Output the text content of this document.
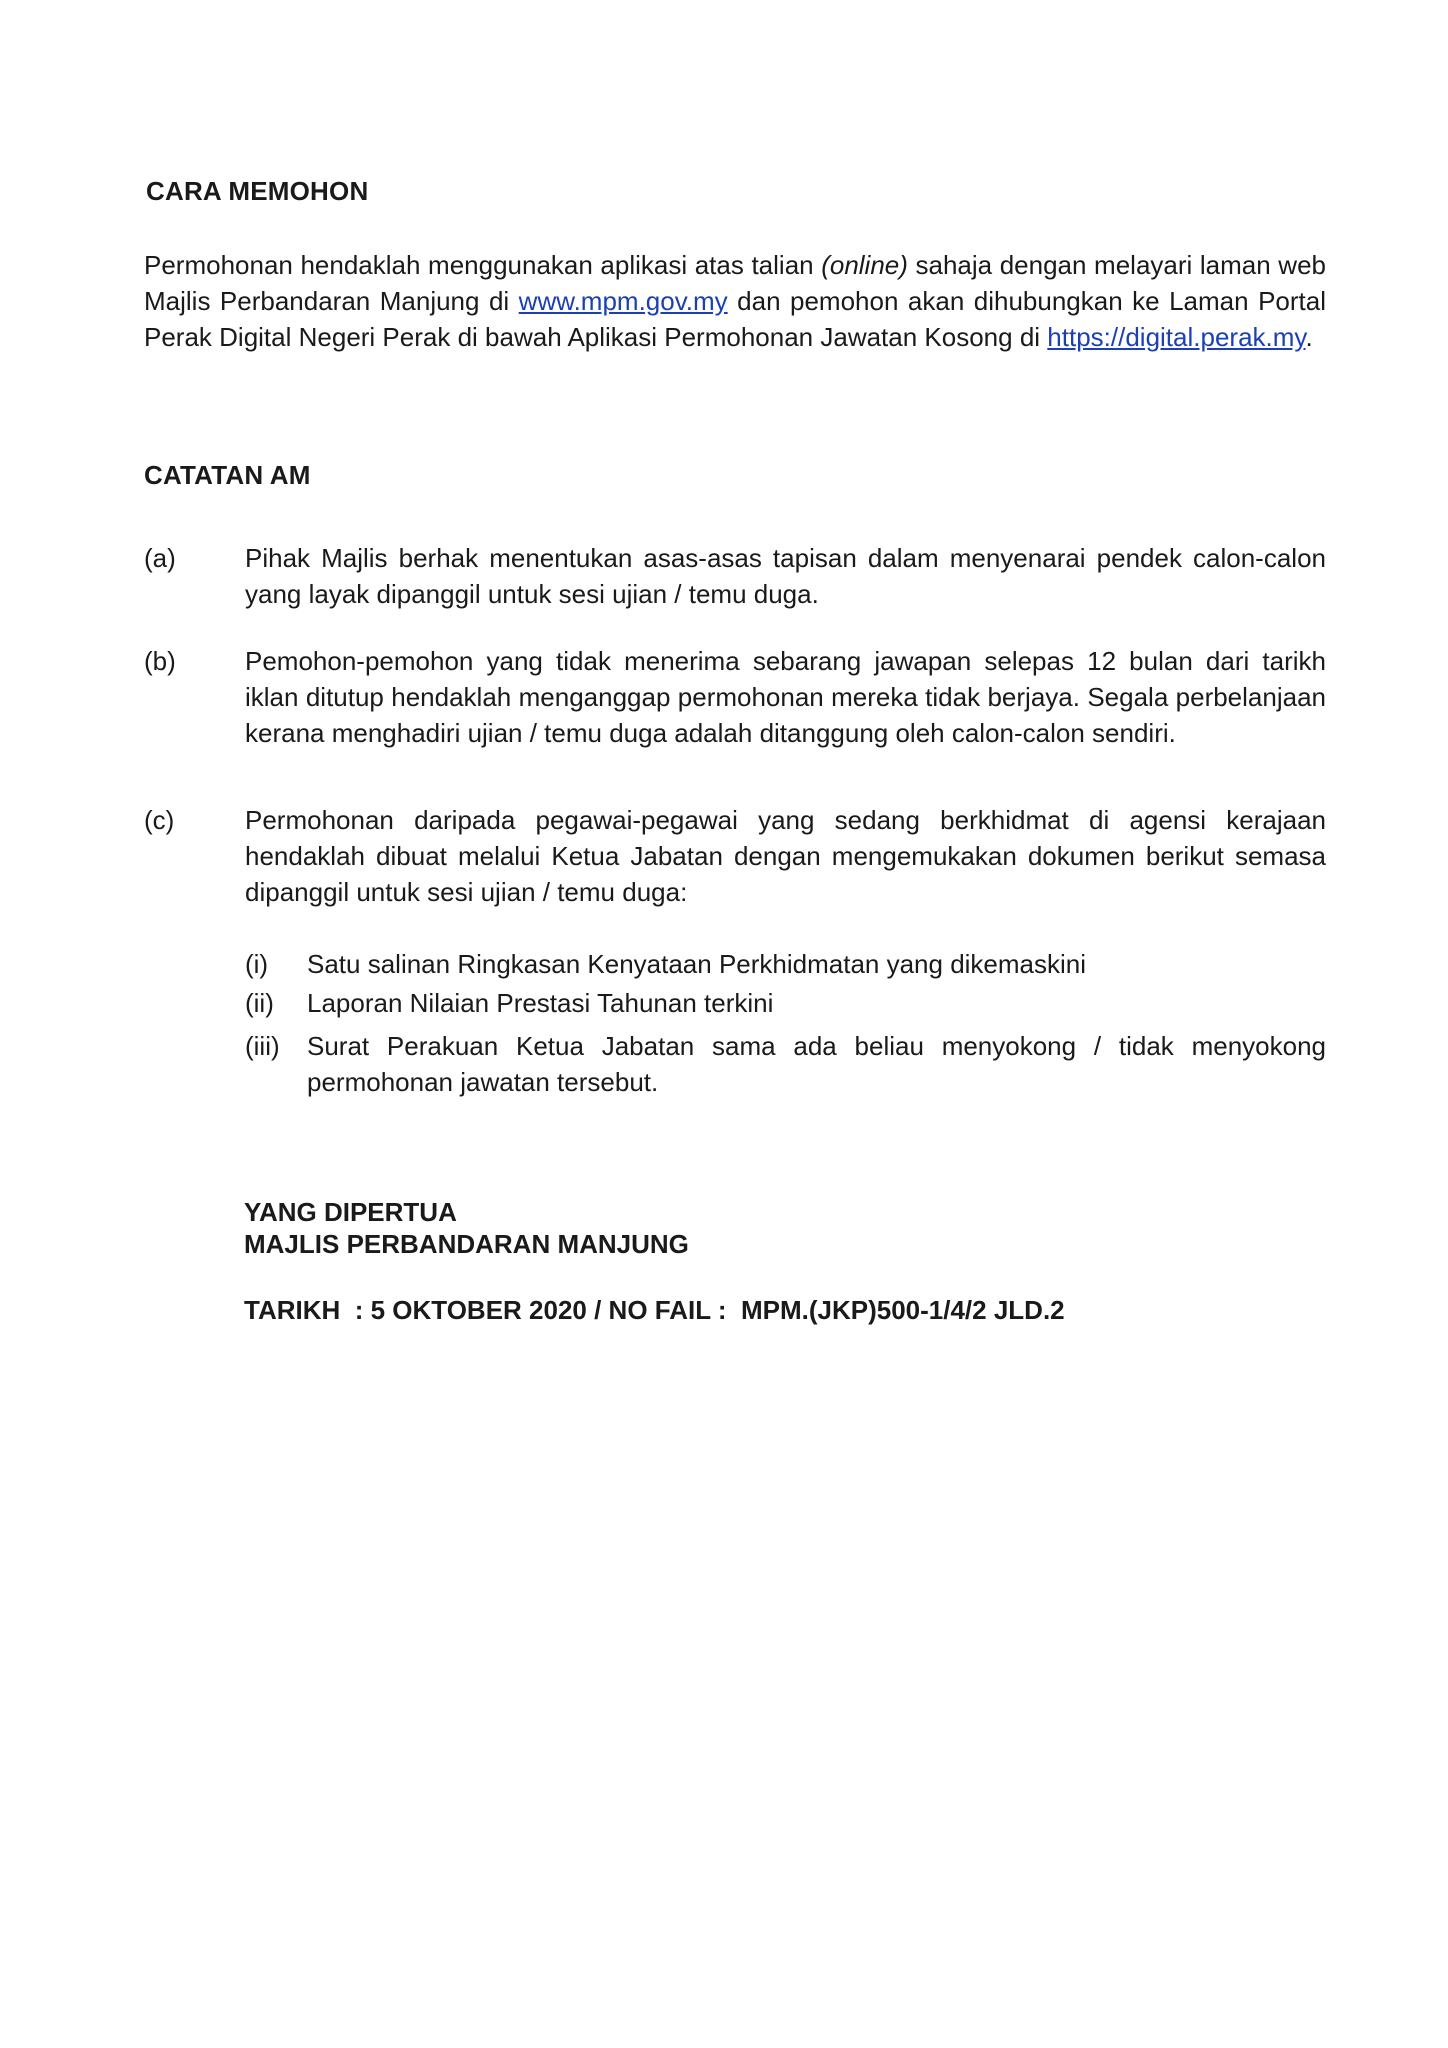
CARA MEMOHON

Permohonan hendaklah menggunakan aplikasi atas talian (online) sahaja dengan melayari laman web Majlis Perbandaran Manjung di www.mpm.gov.my dan pemohon akan dihubungkan ke Laman Portal Perak Digital Negeri Perak di bawah Aplikasi Permohonan Jawatan Kosong di https://digital.perak.my.

CATATAN AM
(a)	Pihak Majlis berhak menentukan asas-asas tapisan dalam menyenarai pendek calon-calon yang layak dipanggil untuk sesi ujian / temu duga.
(b)	Pemohon-pemohon yang tidak menerima sebarang jawapan selepas 12 bulan dari tarikh iklan ditutup hendaklah menganggap permohonan mereka tidak berjaya. Segala perbelanjaan kerana menghadiri ujian / temu duga adalah ditanggung oleh calon-calon sendiri.
(c)	Permohonan daripada pegawai-pegawai yang sedang berkhidmat di agensi kerajaan hendaklah dibuat melalui Ketua Jabatan dengan mengemukakan dokumen berikut semasa dipanggil untuk sesi ujian / temu duga:
(i) Satu salinan Ringkasan Kenyataan Perkhidmatan yang dikemaskini
(ii) Laporan Nilaian Prestasi Tahunan terkini
(iii) Surat Perakuan Ketua Jabatan sama ada beliau menyokong / tidak menyokong permohonan jawatan tersebut.
YANG DIPERTUA
MAJLIS PERBANDARAN MANJUNG
TARIKH  : 5 OKTOBER 2020 / NO FAIL :  MPM.(JKP)500-1/4/2 JLD.2
